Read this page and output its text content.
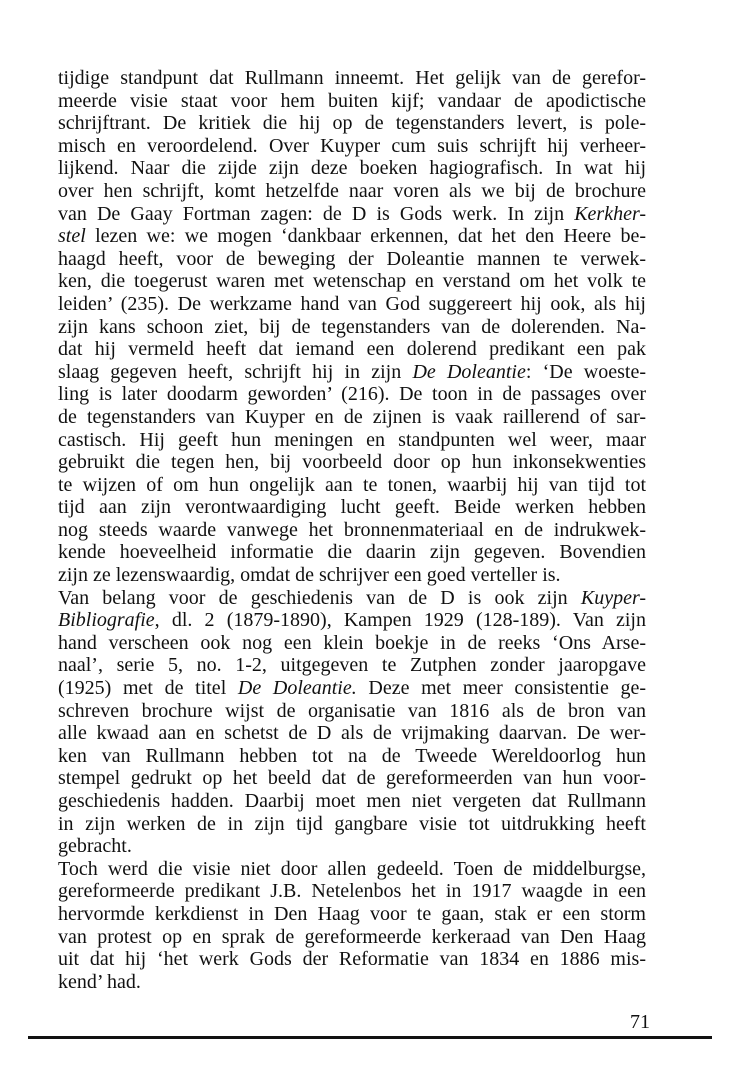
tijdige standpunt dat Rullmann inneemt. Het gelijk van de gerefor-
meerde visie staat voor hem buiten kijf; vandaar de apodictische
schrijftrant. De kritiek die hij op de tegenstanders levert, is pole-
misch en veroordelend. Over Kuyper cum suis schrijft hij verheer-
lijkend. Naar die zijde zijn deze boeken hagiografisch. In wat hij
over hen schrijft, komt hetzelfde naar voren als we bij de brochure
van De Gaay Fortman zagen: de D is Gods werk. In zijn Kerkher-
stel lezen we: we mogen ‘dankbaar erkennen, dat het den Heere be-
haagd heeft, voor de beweging der Doleantie mannen te verwek-
ken, die toegerust waren met wetenschap en verstand om het volk te
leiden’ (235). De werkzame hand van God suggereert hij ook, als hij
zijn kans schoon ziet, bij de tegenstanders van de dolerenden. Na-
dat hij vermeld heeft dat iemand een dolerend predikant een pak
slaag gegeven heeft, schrijft hij in zijn De Doleantie: ‘De woeste-
ling is later doodarm geworden’ (216). De toon in de passages over
de tegenstanders van Kuyper en de zijnen is vaak raillerend of sar-
castisch. Hij geeft hun meningen en standpunten wel weer, maar
gebruikt die tegen hen, bij voorbeeld door op hun inkonsekwenties
te wijzen of om hun ongelijk aan te tonen, waarbij hij van tijd tot
tijd aan zijn verontwaardiging lucht geeft. Beide werken hebben
nog steeds waarde vanwege het bronnenmateriaal en de indrukwek-
kende hoeveelheid informatie die daarin zijn gegeven. Bovendien
zijn ze lezenswaardig, omdat de schrijver een goed verteller is.
Van belang voor de geschiedenis van de D is ook zijn Kuyper-
Bibliografie, dl. 2 (1879-1890), Kampen 1929 (128-189). Van zijn
hand verscheen ook nog een klein boekje in de reeks ‘Ons Arse-
naal’, serie 5, no. 1-2, uitgegeven te Zutphen zonder jaaropgave
(1925) met de titel De Doleantie. Deze met meer consistentie ge-
schreven brochure wijst de organisatie van 1816 als de bron van
alle kwaad aan en schetst de D als de vrijmaking daarvan. De wer-
ken van Rullmann hebben tot na de Tweede Wereldoorlog hun
stempel gedrukt op het beeld dat de gereformeerden van hun voor-
geschiedenis hadden. Daarbij moet men niet vergeten dat Rullmann
in zijn werken de in zijn tijd gangbare visie tot uitdrukking heeft
gebracht.
Toch werd die visie niet door allen gedeeld. Toen de middelburgse,
gereformeerde predikant J.B. Netelenbos het in 1917 waagde in een
hervormde kerkdienst in Den Haag voor te gaan, stak er een storm
van protest op en sprak de gereformeerde kerkeraad van Den Haag
uit dat hij ‘het werk Gods der Reformatie van 1834 en 1886 mis-
kend’ had.
71
